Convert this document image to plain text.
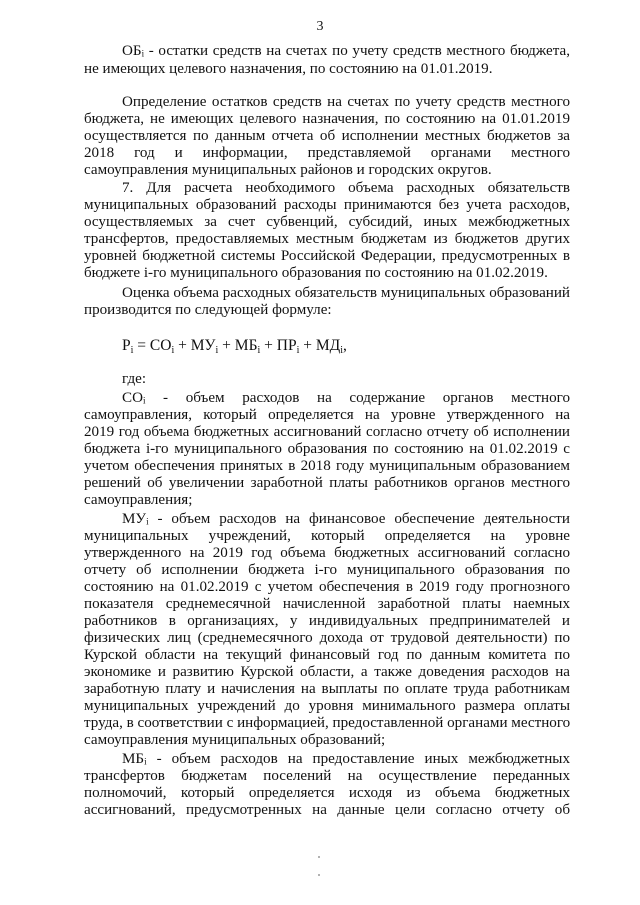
3
ОБᵢ - остатки средств на счетах по учету средств местного бюджета,
не имеющих целевого назначения, по состоянию на 01.01.2019.
Определение остатков средств на счетах по учету средств местного
бюджета, не имеющих целевого назначения, по состоянию на 01.01.2019
осуществляется по данным отчета об исполнении местных бюджетов за
2018 год и информации, представляемой органами местного
самоуправления муниципальных районов и городских округов.
7. Для расчета необходимого объема расходных обязательств
муниципальных образований расходы принимаются без учета расходов,
осуществляемых за счет субвенций, субсидий, иных межбюджетных
трансфертов, предоставляемых местным бюджетам из бюджетов других
уровней бюджетной системы Российской Федерации, предусмотренных в
бюджете i-го муниципального образования по состоянию на 01.02.2019.
Оценка объема расходных обязательств муниципальных образований
производится по следующей формуле:
где:
СОᵢ - объем расходов на содержание органов местного
самоуправления, который определяется на уровне утвержденного на
2019 год объема бюджетных ассигнований согласно отчету об исполнении
бюджета i-го муниципального образования по состоянию на 01.02.2019 с
учетом обеспечения принятых в 2018 году муниципальным образованием
решений об увеличении заработной платы работников органов местного
самоуправления;
МУᵢ - объем расходов на финансовое обеспечение деятельности
муниципальных учреждений, который определяется на уровне
утвержденного на 2019 год объема бюджетных ассигнований согласно
отчету об исполнении бюджета i-го муниципального образования по
состоянию на 01.02.2019 с учетом обеспечения в 2019 году прогнозного
показателя среднемесячной начисленной заработной платы наемных
работников в организациях, у индивидуальных предпринимателей и
физических лиц (среднемесячного дохода от трудовой деятельности) по
Курской области на текущий финансовый год по данным комитета по
экономике и развитию Курской области, а также доведения расходов на
заработную плату и начисления на выплаты по оплате труда работникам
муниципальных учреждений до уровня минимального размера оплаты
труда, в соответствии с информацией, предоставленной органами местного
самоуправления муниципальных образований;
МБᵢ - объем расходов на предоставление иных межбюджетных
трансфертов бюджетам поселений на осуществление переданных
полномочий, который определяется исходя из объема бюджетных
ассигнований, предусмотренных на данные цели согласно отчету об
$Р_i = СО_i + МУ_i + МБ_i + ПР_i + МД_i$,
